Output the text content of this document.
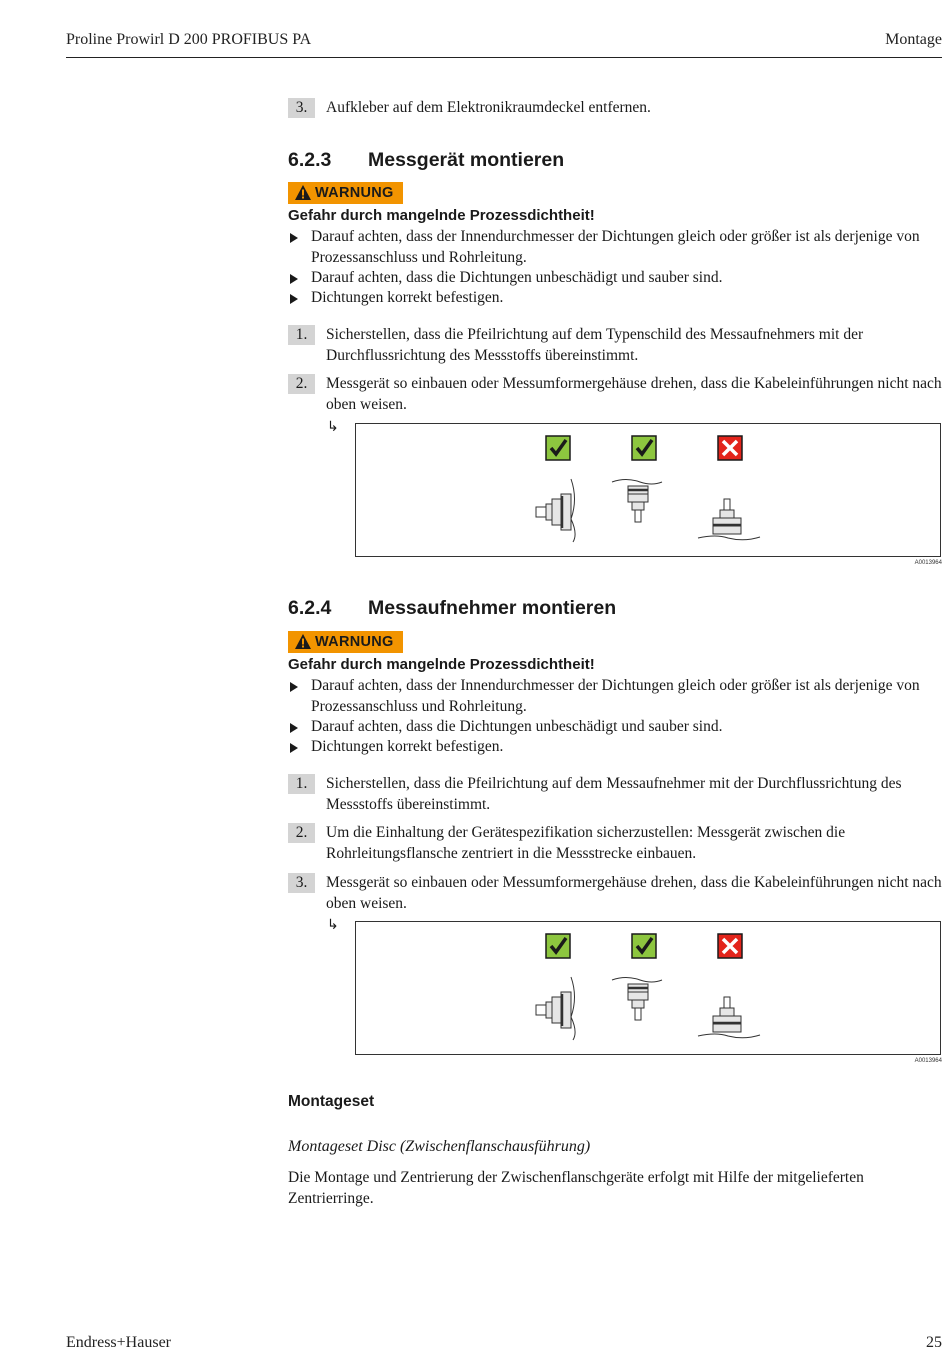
Proline Prowirl D 200 PROFIBUS PA	Montage
3.	Aufkleber auf dem Elektronikraumdeckel entfernen.
6.2.3 Messgerät montieren
WARNUNG
Gefahr durch mangelnde Prozessdichtheit!
Darauf achten, dass der Innendurchmesser der Dichtungen gleich oder größer ist als derjenige von Prozessanschluss und Rohrleitung.
Darauf achten, dass die Dichtungen unbeschädigt und sauber sind.
Dichtungen korrekt befestigen.
1.	Sicherstellen, dass die Pfeilrichtung auf dem Typenschild des Messaufnehmers mit der Durchflussrichtung des Messstoffs übereinstimmt.
2.	Messgerät so einbauen oder Messumformergehäuse drehen, dass die Kabeleinführungen nicht nach oben weisen.
↳
A0013964
6.2.4 Messaufnehmer montieren
WARNUNG
Gefahr durch mangelnde Prozessdichtheit!
Darauf achten, dass der Innendurchmesser der Dichtungen gleich oder größer ist als derjenige von Prozessanschluss und Rohrleitung.
Darauf achten, dass die Dichtungen unbeschädigt und sauber sind.
Dichtungen korrekt befestigen.
1.	Sicherstellen, dass die Pfeilrichtung auf dem Messaufnehmer mit der Durchflussrichtung des Messstoffs übereinstimmt.
2.	Um die Einhaltung der Gerätespezifikation sicherzustellen: Messgerät zwischen die Rohrleitungsflansche zentriert in die Messstrecke einbauen.
3.	Messgerät so einbauen oder Messumformergehäuse drehen, dass die Kabeleinführungen nicht nach oben weisen.
↳
A0013964
Montageset
Montageset Disc (Zwischenflanschausführung)
Die Montage und Zentrierung der Zwischenflanschgeräte erfolgt mit Hilfe der mitgelieferten Zentrierringe.
Endress+Hauser	25
